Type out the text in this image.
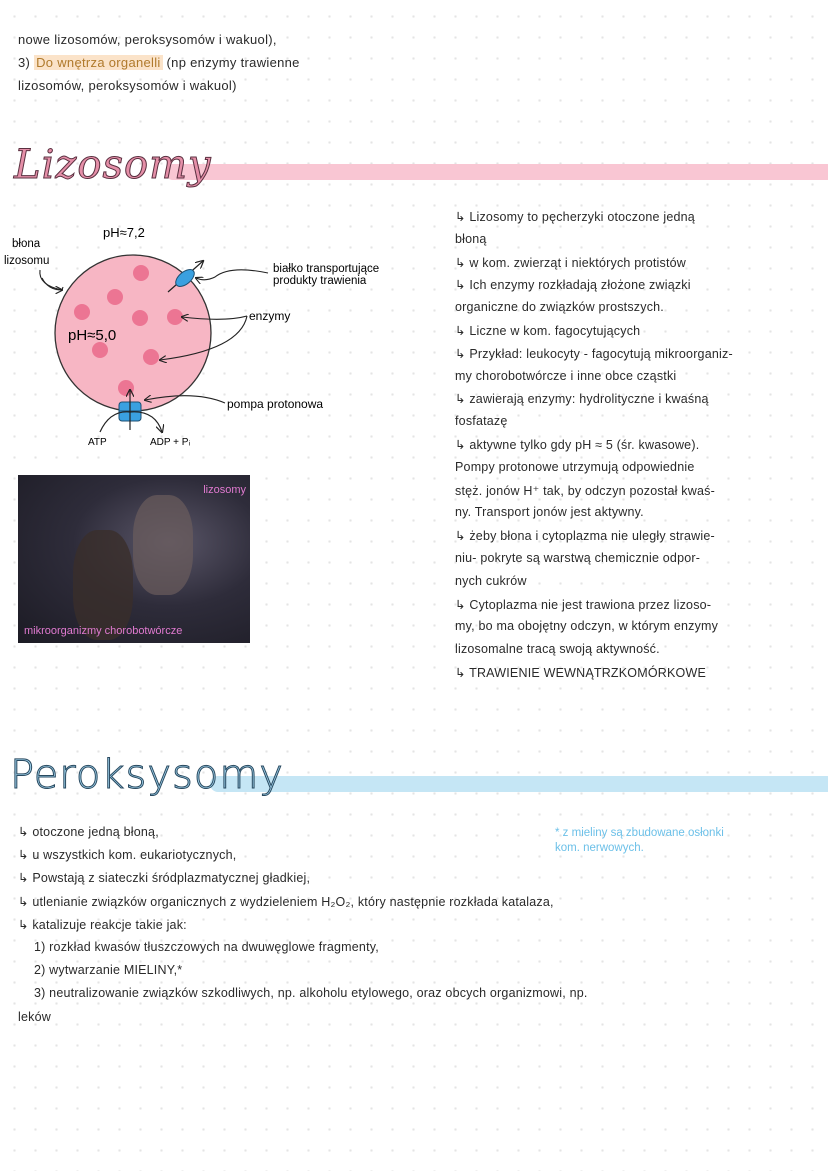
nowe lizosomów, peroksysomów i wakuol),
3) Do wnętrza organelli (np enzymy trawienne
lizosomów, peroksysomów i wakuol)
Lizosomy
pH≈7,2
pH≈5,0
błona
lizosomu
białko transportujące
produkty trawienia
enzymy
pompa protonowa
ATP	ADP + Pᵢ
lizosomy
mikroorganizmy chorobotwórcze
↳ Lizosomy to pęcherzyki otoczone jedną
błoną
↳ w kom. zwierząt i niektórych protistów
↳ Ich enzymy rozkładają złożone związki
organiczne do związków prostszych.
↳ Liczne w kom. fagocytujących
↳ Przykład: leukocyty - fagocytują mikroorganiz-
my chorobotwórcze i inne obce cząstki
↳ zawierają enzymy: hydrolityczne i kwaśną
fosfatazę
↳ aktywne tylko gdy pH ≈ 5 (śr. kwasowe).
Pompy protonowe utrzymują odpowiednie
stęż. jonów H⁺ tak, by odczyn pozostał kwaś-
ny. Transport jonów jest aktywny.
↳ żeby błona i cytoplazma nie uległy strawie-
niu- pokryte są warstwą chemicznie odpor-
nych cukrów
↳ Cytoplazma nie jest trawiona przez lizoso-
my, bo ma obojętny odczyn, w którym enzymy
lizosomalne tracą swoją aktywność.
↳ TRAWIENIE WEWNĄTRZKOMÓRKOWE
Peroksysomy
↳ otoczone jedną błoną,
↳ u wszystkich kom. eukariotycznych,
↳ Powstają z siateczki śródplazmatycznej gładkiej,
↳ utlenianie związków organicznych z wydzieleniem H₂O₂, który następnie rozkłada katalaza,
↳ katalizuje reakcje takie jak:
1) rozkład kwasów tłuszczowych na dwuwęglowe fragmenty,
2) wytwarzanie MIELINY,*
3) neutralizowanie związków szkodliwych, np. alkoholu etylowego, oraz obcych organizmowi, np.
leków
* z mieliny są zbudowane osłonki
kom. nerwowych.
